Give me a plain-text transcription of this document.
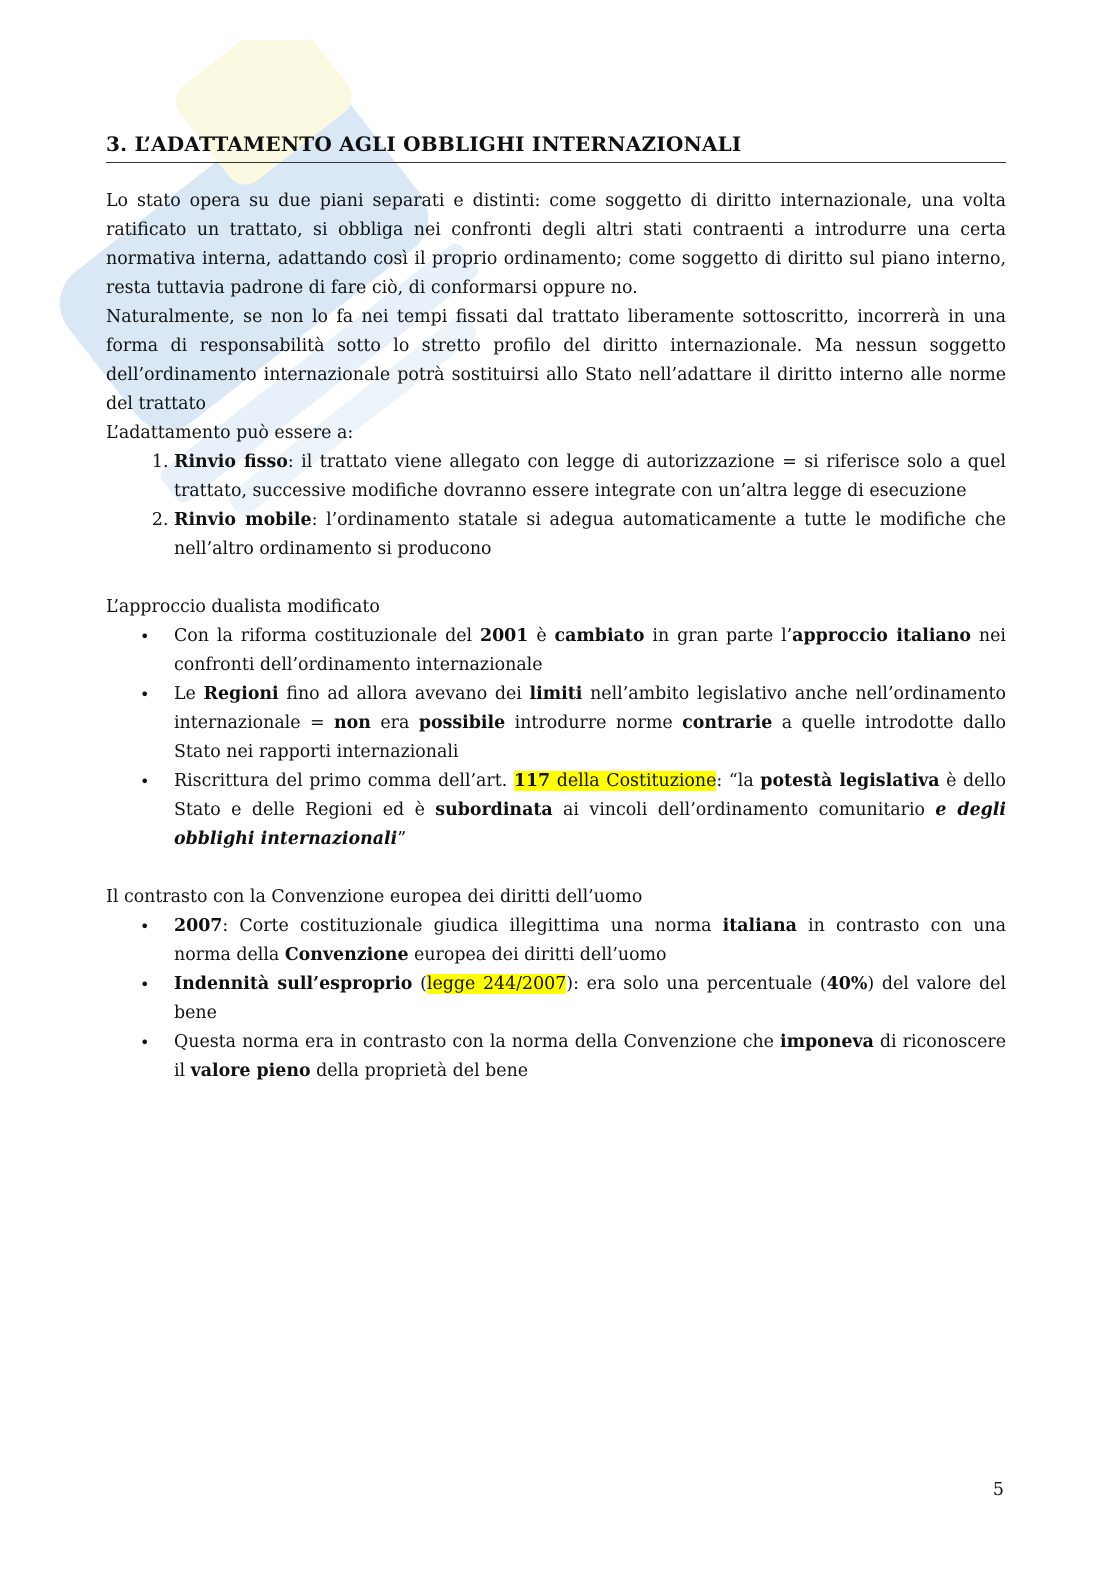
3. L’ADATTAMENTO AGLI OBBLIGHI INTERNAZIONALI

Lo stato opera su due piani separati e distinti: come soggetto di diritto internazionale, una volta ratificato un trattato, si obbliga nei confronti degli altri stati contraenti a introdurre una certa normativa interna, adattando così il proprio ordinamento; come soggetto di diritto sul piano interno, resta tuttavia padrone di fare ciò, di conformarsi oppure no.

Naturalmente, se non lo fa nei tempi fissati dal trattato liberamente sottoscritto, incorrerà in una forma di responsabilità sotto lo stretto profilo del diritto internazionale. Ma nessun soggetto dell’ordinamento internazionale potrà sostituirsi allo Stato nell’adattare il diritto interno alle norme del trattato

L’adattamento può essere a:

1. Rinvio fisso: il trattato viene allegato con legge di autorizzazione = si riferisce solo a quel trattato, successive modifiche dovranno essere integrate con un’altra legge di esecuzione
2. Rinvio mobile: l’ordinamento statale si adegua automaticamente a tutte le modifiche che nell’altro ordinamento si producono

L’approccio dualista modificato

• Con la riforma costituzionale del 2001 è cambiato in gran parte l’approccio italiano nei confronti dell’ordinamento internazionale
• Le Regioni fino ad allora avevano dei limiti nell’ambito legislativo anche nell’ordinamento internazionale = non era possibile introdurre norme contrarie a quelle introdotte dallo Stato nei rapporti internazionali
• Riscrittura del primo comma dell’art. 117 della Costituzione: “la potestà legislativa è dello Stato e delle Regioni ed è subordinata ai vincoli dell’ordinamento comunitario e degli obblighi internazionali”

Il contrasto con la Convenzione europea dei diritti dell’uomo

• 2007: Corte costituzionale giudica illegittima una norma italiana in contrasto con una norma della Convenzione europea dei diritti dell’uomo
• Indennità sull’esproprio (legge 244/2007): era solo una percentuale (40%) del valore del bene
• Questa norma era in contrasto con la norma della Convenzione che imponeva di riconoscere il valore pieno della proprietà del bene
5
